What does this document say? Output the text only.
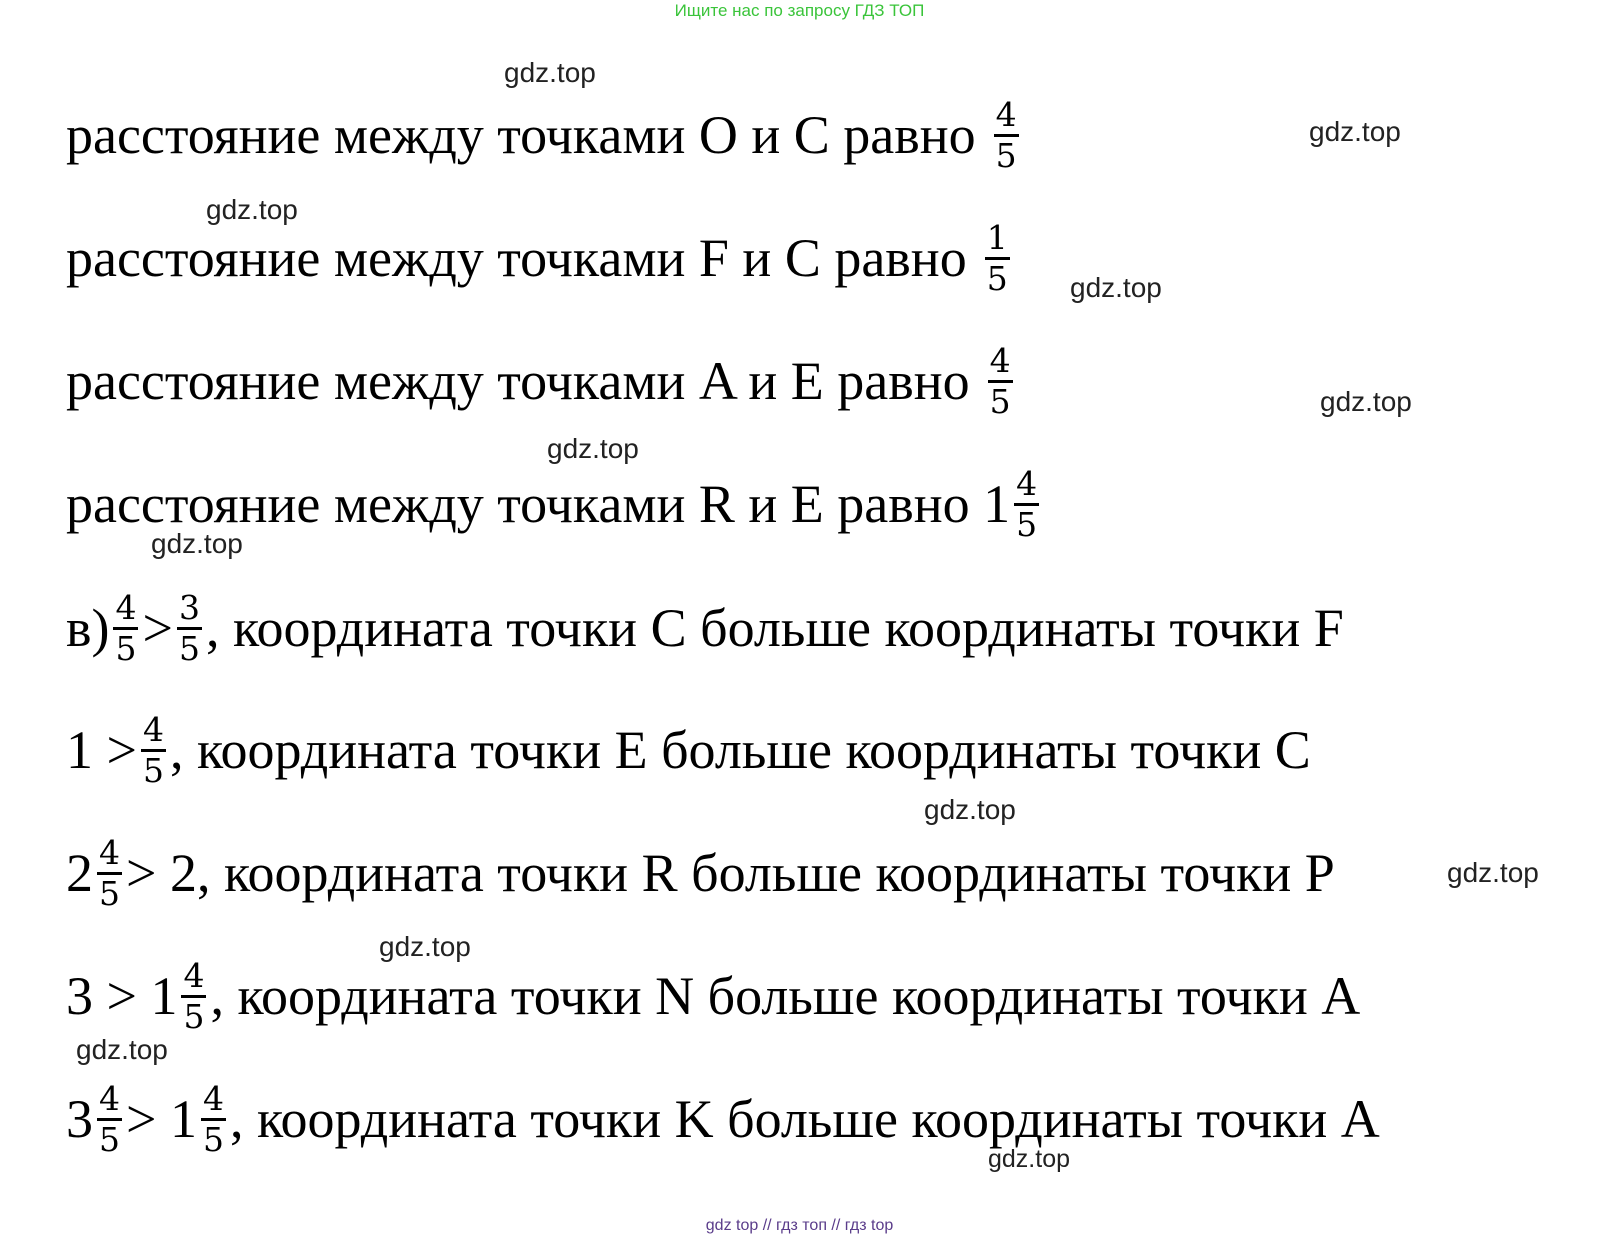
Ищите нас по запросу ГДЗ ТОП
расстояние между точками O и C равно $\frac{4}{5}$
расстояние между точками F и C равно $\frac{1}{5}$
расстояние между точками A и E равно $\frac{4}{5}$
расстояние между точками R и E равно $1 \frac{4}{5}$
$в) \frac{4}{5} > \frac{3}{5}$ , координата точки C больше координаты точки F
$1 > \frac{4}{5}$ , координата точки E больше координаты точки C
$2 \frac{4}{5} > 2$, координата точки R больше координаты точки P
$3 > 1 \frac{4}{5}$ , координата точки N больше координаты точки A
$3 \frac{4}{5} > 1 \frac{4}{5}$ , координата точки K больше координаты точки A
gdz.top
gdz.top
gdz.top
gdz.top
gdz.top
gdz.top
gdz.top
gdz.top
gdz.top
gdz.top
gdz.top
gdz.top
gdz top // гдз топ // гдз top
